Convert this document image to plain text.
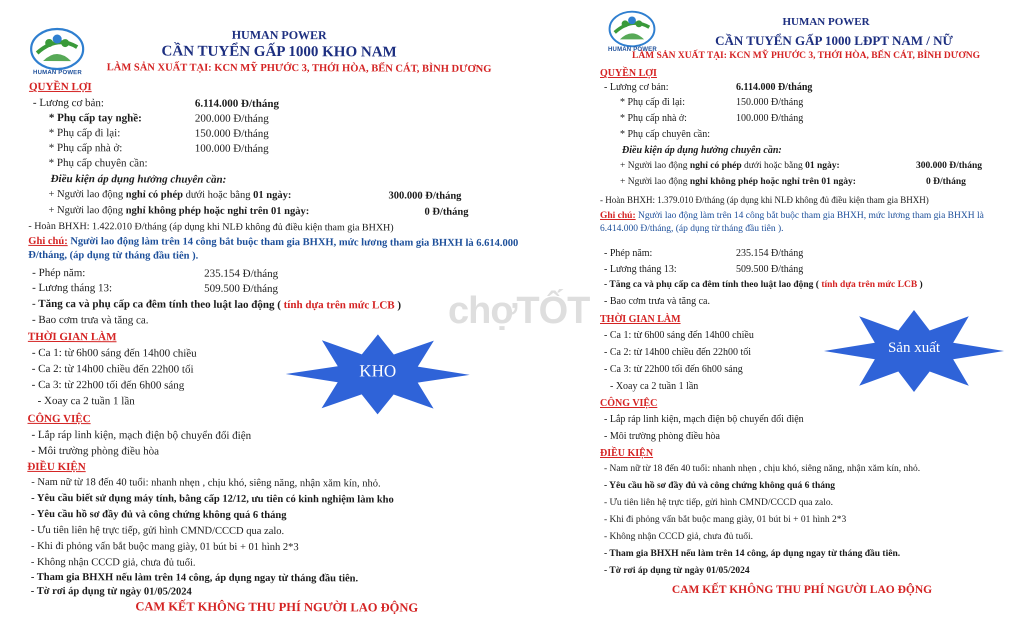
HUMAN POWER
HUMAN POWER
CẦN TUYỂN GẤP 1000 KHO NAM
LÀM SẢN XUẤT TẠI: KCN MỸ PHƯỚC 3, THỚI HÒA, BẾN CÁT, BÌNH DƯƠNG
QUYỀN LỢI
- Lương cơ bản:	6.114.000 Đ/tháng
* Phụ cấp tay nghề:	200.000 Đ/tháng
* Phụ cấp đi lại:	150.000 Đ/tháng
* Phụ cấp nhà ở:	100.000 Đ/tháng
* Phụ cấp chuyên cần:
Điều kiện áp dụng hưởng chuyên cần:
+ Người lao động nghỉ có phép dưới hoặc bằng 01 ngày:	300.000 Đ/tháng
+ Người lao động nghỉ không phép hoặc nghỉ trên 01 ngày:	0 Đ/tháng
- Hoàn BHXH: 1.422.010 Đ/tháng (áp dụng khi NLĐ không đủ điều kiện tham gia BHXH)
Ghi chú: Người lao động làm trên 14 công bắt buộc tham gia BHXH, mức lương tham gia BHXH là 6.614.000 Đ/tháng, (áp dụng từ tháng đầu tiên ).
- Phép năm:	235.154 Đ/tháng
- Lương tháng 13:	509.500 Đ/tháng
- Tăng ca và phụ cấp ca đêm tính theo luật lao động ( tính dựa trên mức LCB )
- Bao cơm trưa và tăng ca.
THỜI GIAN LÀM
- Ca 1: từ 6h00 sáng đến 14h00 chiều
- Ca 2: từ 14h00 chiều đến 22h00 tối
- Ca 3: từ 22h00 tối đến 6h00 sáng
- Xoay ca 2 tuần 1 lần
KHO
CÔNG VIỆC
- Lắp ráp linh kiện, mạch điện bộ chuyển đổi điện
- Môi trường phòng điều hòa
ĐIỀU KIỆN
- Nam nữ từ 18 đến 40 tuổi: nhanh nhẹn , chịu khó, siêng năng, nhận xăm kín, nhỏ.
- Yêu cầu biết sử dụng máy tính, bằng cấp 12/12, ưu tiên có kinh nghiệm làm kho
- Yêu cầu hồ sơ đầy đủ và công chứng không quá 6 tháng
- Ưu tiên liên hệ trực tiếp, gửi hình CMND/CCCD qua zalo.
- Khi đi phỏng vấn bắt buộc mang giày, 01 bút bi + 01 hình 2*3
- Không nhận CCCD giả, chưa đủ tuổi.
- Tham gia BHXH nếu làm trên 14 công, áp dụng ngay từ tháng đầu tiên.
- Tờ rơi áp dụng từ ngày 01/05/2024
CAM KẾT KHÔNG THU PHÍ NGƯỜI LAO ĐỘNG
HUMAN POWER
HUMAN POWER
CẦN TUYỂN GẤP 1000 LĐPT NAM / NỮ
LÀM SẢN XUẤT TẠI: KCN MỸ PHƯỚC 3, THỚI HÒA, BẾN CÁT, BÌNH DƯƠNG
QUYỀN LỢI
- Lương cơ bản:	6.114.000 Đ/tháng
* Phụ cấp đi lại:	150.000 Đ/tháng
* Phụ cấp nhà ở:	100.000 Đ/tháng
* Phụ cấp chuyên cần:
Điều kiện áp dụng hưởng chuyên cần:
+ Người lao động nghỉ có phép dưới hoặc bằng 01 ngày:	300.000 Đ/tháng
+ Người lao động nghỉ không phép hoặc nghỉ trên 01 ngày:	0 Đ/tháng
- Hoàn BHXH: 1.379.010 Đ/tháng (áp dụng khi NLĐ không đủ điều kiện tham gia BHXH)
Ghi chú: Người lao động làm trên 14 công bắt buộc tham gia BHXH, mức lương tham gia BHXH là 6.414.000 Đ/tháng, (áp dụng từ tháng đầu tiên ).
- Phép năm:	235.154 Đ/tháng
- Lương tháng 13:	509.500 Đ/tháng
- Tăng ca và phụ cấp ca đêm tính theo luật lao động ( tính dựa trên mức LCB )
- Bao cơm trưa và tăng ca.
THỜI GIAN LÀM
- Ca 1: từ 6h00 sáng đến 14h00 chiều
- Ca 2: từ 14h00 chiều đến 22h00 tối
- Ca 3: từ 22h00 tối đến 6h00 sáng
- Xoay ca 2 tuần 1 lần
Sản xuất
CÔNG VIỆC
- Lắp ráp linh kiện, mạch điện bộ chuyển đổi điện
- Môi trường phòng điều hòa
ĐIỀU KIỆN
- Nam nữ từ 18 đến 40 tuổi: nhanh nhẹn , chịu khó, siêng năng, nhận xăm kín, nhỏ.
- Yêu cầu hồ sơ đầy đủ và công chứng không quá 6 tháng
- Ưu tiên liên hệ trực tiếp, gửi hình CMND/CCCD qua zalo.
- Khi đi phỏng vấn bắt buộc mang giày, 01 bút bi + 01 hình 2*3
- Không nhận CCCD giả, chưa đủ tuổi.
- Tham gia BHXH nếu làm trên 14 công, áp dụng ngay từ tháng đầu tiên.
- Tờ rơi áp dụng từ ngày 01/05/2024
CAM KẾT KHÔNG THU PHÍ NGƯỜI LAO ĐỘNG
chợTỐT
